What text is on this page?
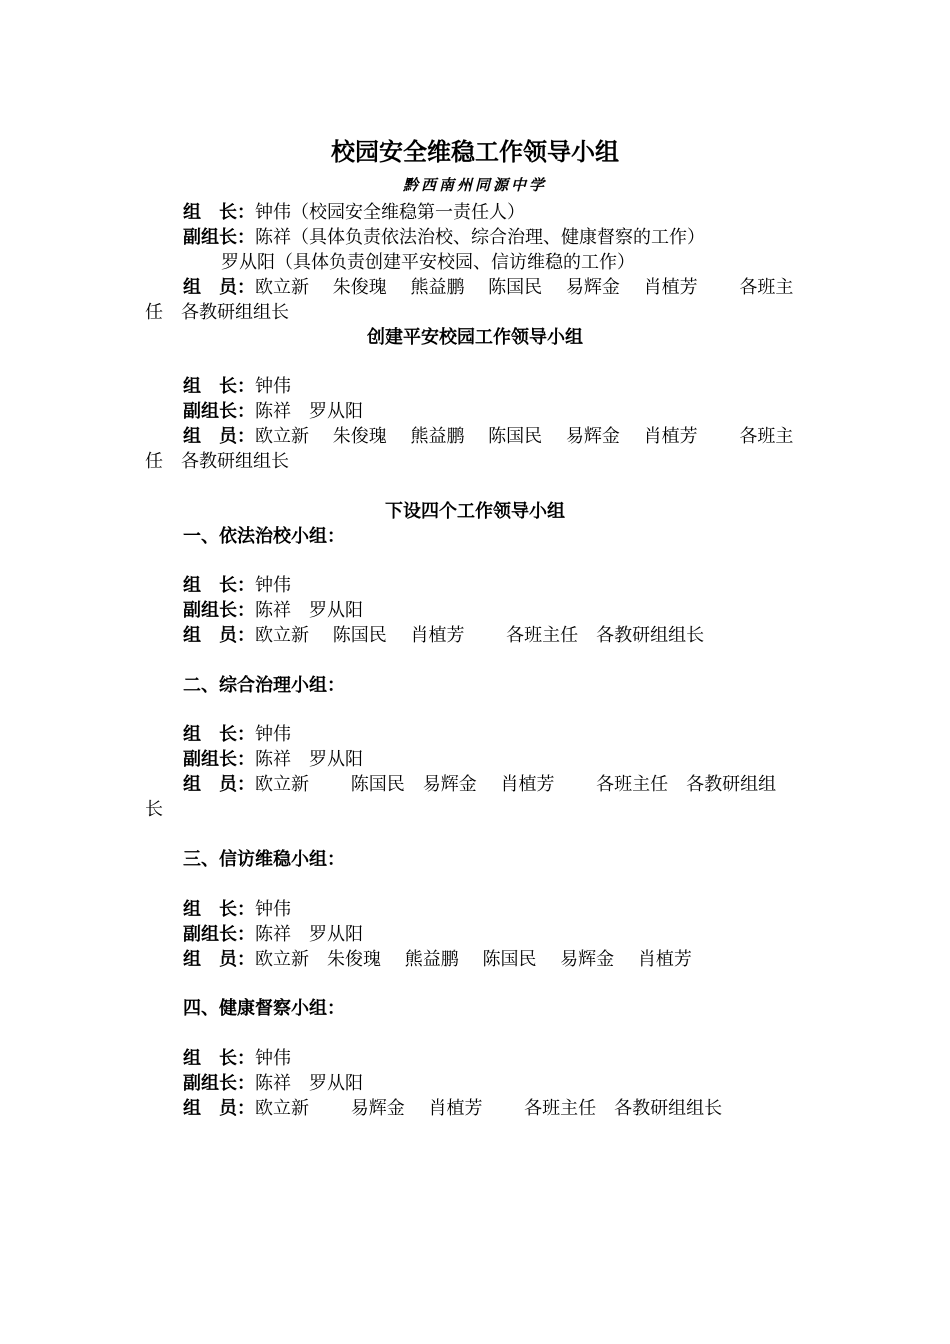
校园安全维稳工作领导小组
黔西南州同源中学
组　长：钟伟（校园安全维稳第一责任人）
副组长：陈祥（具体负责依法治校、综合治理、健康督察的工作）
罗从阳（具体负责创建平安校园、信访维稳的工作）
组　员：欧立新　 朱俊瑰　 熊益鹏　 陈国民　 易辉金　 肖植芳　　 各班主
任　各教研组组长
创建平安校园工作领导小组
组　长：钟伟
副组长：陈祥　罗从阳
组　员：欧立新　 朱俊瑰　 熊益鹏　 陈国民　 易辉金　 肖植芳　　 各班主
任　各教研组组长
下设四个工作领导小组
一、依法治校小组：
组　长：钟伟
副组长：陈祥　罗从阳
组　员：欧立新　 陈国民　 肖植芳　　 各班主任　各教研组组长
二、综合治理小组：
组　长：钟伟
副组长：陈祥　罗从阳
组　员：欧立新　　 陈国民　易辉金　 肖植芳　　 各班主任　各教研组组
长
三、信访维稳小组：
组　长：钟伟
副组长：陈祥　罗从阳
组　员：欧立新　朱俊瑰　 熊益鹏　 陈国民　 易辉金　 肖植芳
四、健康督察小组：
组　长：钟伟
副组长：陈祥　罗从阳
组　员：欧立新　　 易辉金　 肖植芳　　 各班主任　各教研组组长
